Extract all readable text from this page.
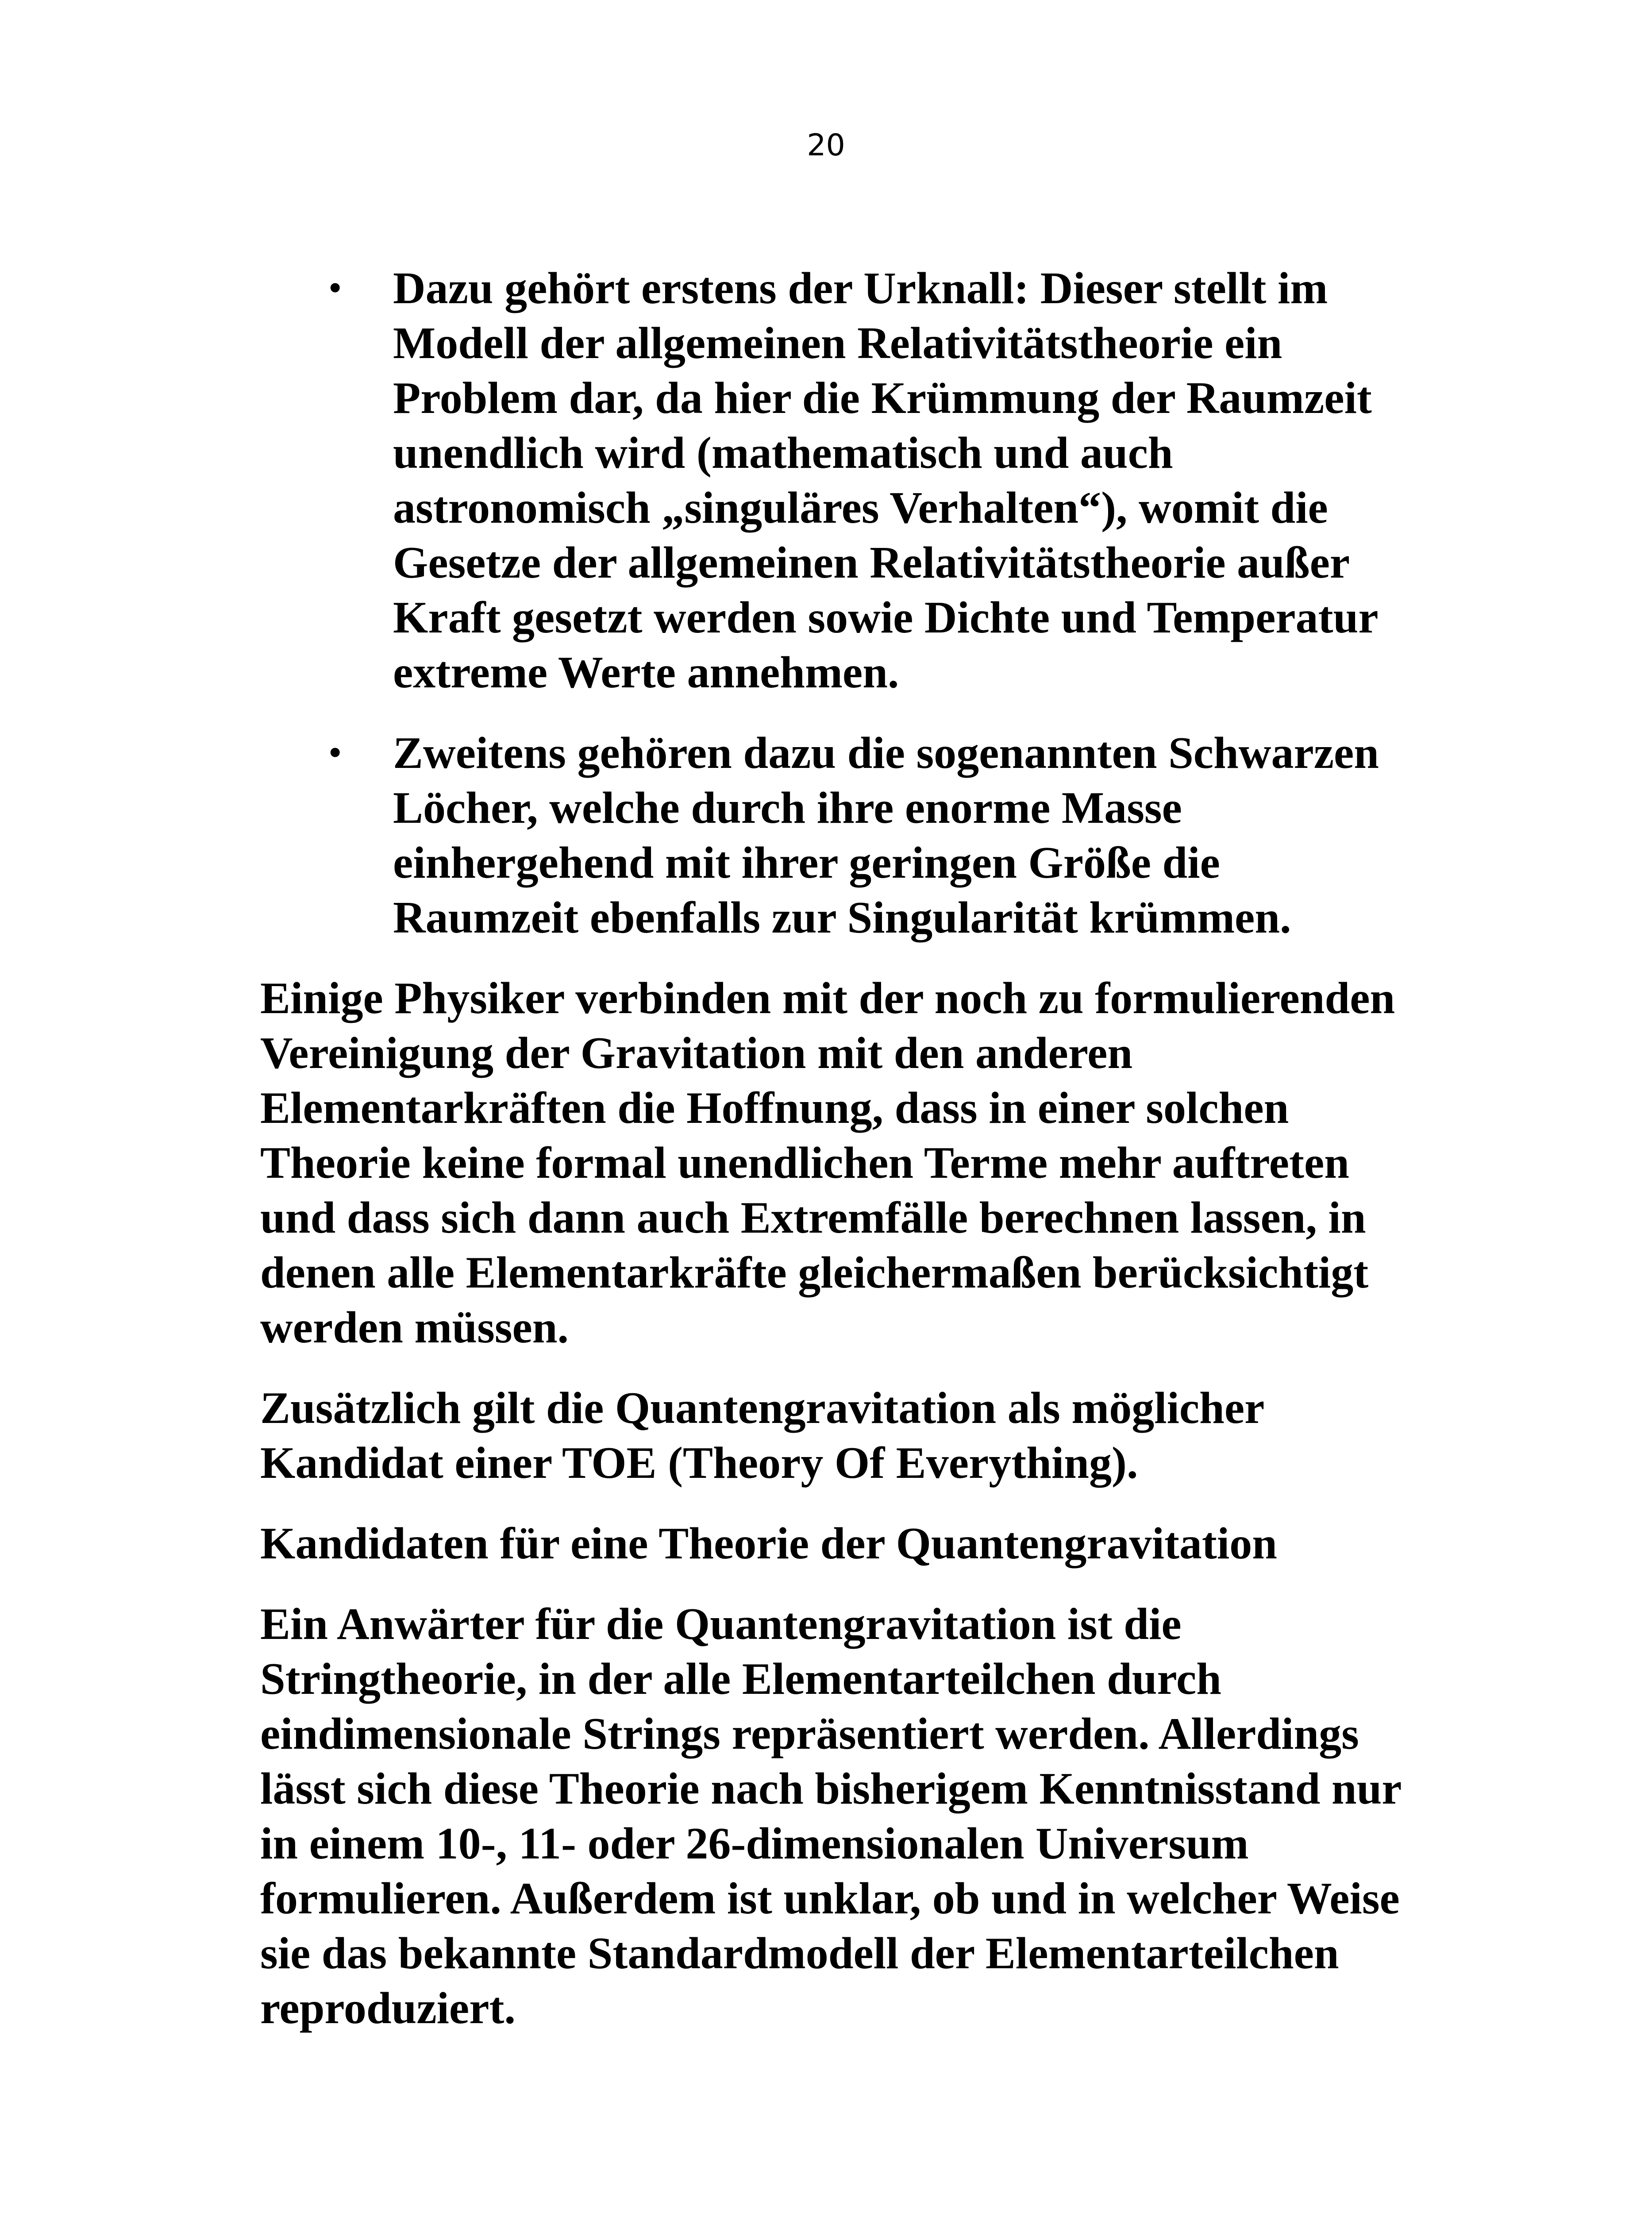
20
• Dazu gehört erstens der Urknall: Dieser stellt im Modell der allgemeinen Relativitätstheorie ein Problem dar, da hier die Krümmung der Raumzeit unendlich wird (mathematisch und auch astronomisch „singuläres Verhalten“), womit die Gesetze der allgemeinen Relativitätstheorie außer Kraft gesetzt werden sowie Dichte und Temperatur extreme Werte annehmen.
• Zweitens gehören dazu die sogenannten Schwarzen Löcher, welche durch ihre enorme Masse einhergehend mit ihrer geringen Größe die Raumzeit ebenfalls zur Singularität krümmen.

Einige Physiker verbinden mit der noch zu formulierenden Vereinigung der Gravitation mit den anderen Elementarkräften die Hoffnung, dass in einer solchen Theorie keine formal unendlichen Terme mehr auftreten und dass sich dann auch Extremfälle berechnen lassen, in denen alle Elementarkräfte gleichermaßen berücksichtigt werden müssen.

Zusätzlich gilt die Quantengravitation als möglicher Kandidat einer TOE (Theory Of Everything).

Kandidaten für eine Theorie der Quantengravitation

Ein Anwärter für die Quantengravitation ist die Stringtheorie, in der alle Elementarteilchen durch eindimensionale Strings repräsentiert werden. Allerdings lässt sich diese Theorie nach bisherigem Kenntnisstand nur in einem 10-, 11- oder 26-dimensionalen Universum formulieren. Außerdem ist unklar, ob und in welcher Weise sie das bekannte Standardmodell der Elementarteilchen reproduziert.
